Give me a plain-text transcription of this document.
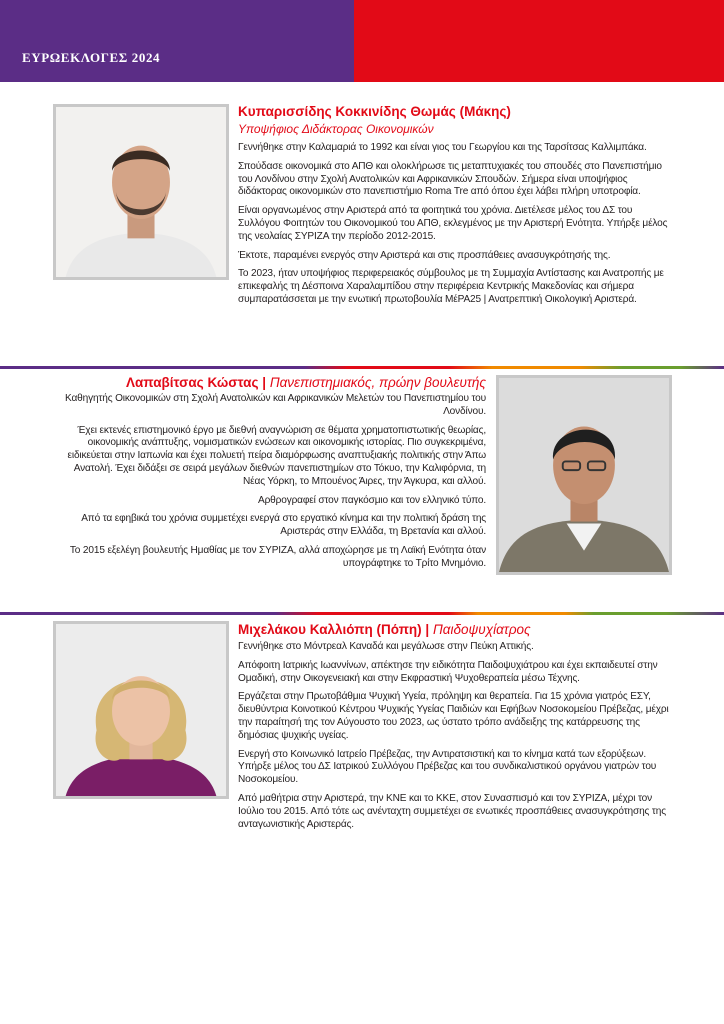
ΕΥΡΩΕΚΛΟΓΕΣ 2024
Κυπαρισσίδης Κοκκινίδης Θωμάς (Μάκης)
Υποψήφιος Διδάκτορας Οικονομικών

Γεννήθηκε στην Καλαμαριά το 1992 και είναι γιος του Γεωργίου και της Ταρσίτσας Καλλιμπάκα.

Σπούδασε οικονομικά στο ΑΠΘ και ολοκλήρωσε τις μεταπτυχιακές του σπουδές στο Πανεπιστήμιο του Λονδίνου στην Σχολή Ανατολικών και Αφρικανικών Σπουδών. Σήμερα είναι υποψήφιος διδάκτορας οικονομικών στο πανεπιστήμιο Roma Tre από όπου έχει λάβει πλήρη υποτροφία.

Είναι οργανωμένος στην Αριστερά από τα φοιτητικά του χρόνια. Διετέλεσε μέλος του ΔΣ του Συλλόγου Φοιτητών του Οικονομικού του ΑΠΘ, εκλεγμένος με την Αριστερή Ενότητα. Υπήρξε μέλος της νεολαίας ΣΥΡΙΖΑ την περίοδο 2012-2015.

Έκτοτε, παραμένει ενεργός στην Αριστερά και στις προσπάθειες ανασυγκρότησής της.

Το 2023, ήταν υποψήφιος περιφερειακός σύμβουλος με τη Συμμαχία Αντίστασης και Ανατροπής με επικεφαλής τη Δέσποινα Χαραλαμπίδου στην περιφέρεια Κεντρικής Μακεδονίας και σήμερα συμπαρατάσσεται με την ενωτική πρωτοβουλία ΜέΡΑ25 | Ανατρεπτική Οικολογική Αριστερά.

Λαπαβίτσας Κώστας | Πανεπιστημιακός, πρώην βουλευτής

Καθηγητής Οικονομικών στη Σχολή Ανατολικών και Αφρικανικών Μελετών του Πανεπιστημίου του Λονδίνου.

Έχει εκτενές επιστημονικό έργο με διεθνή αναγνώριση σε θέματα χρηματοπιστωτικής θεωρίας, οικονομικής ανάπτυξης, νομισματικών ενώσεων και οικονομικής ιστορίας. Πιο συγκεκριμένα, ειδικεύεται στην Ιαπωνία και έχει πολυετή πείρα διαμόρφωσης αναπτυξιακής πολιτικής στην Άπω Ανατολή. Έχει διδάξει σε σειρά μεγάλων διεθνών πανεπιστημίων στο Τόκυο, την Καλιφόρνια, τη Νέας Υόρκη, το Μπουένος Άιρες, την Άγκυρα, και αλλού.

Αρθρογραφεί στον παγκόσμιο και τον ελληνικό τύπο.

Από τα εφηβικά του χρόνια συμμετέχει ενεργά στο εργατικό κίνημα και την πολιτική δράση της Αριστεράς στην Ελλάδα, τη Βρετανία και αλλού.

Το 2015 εξελέγη βουλευτής Ημαθίας με τον ΣΥΡΙΖΑ, αλλά αποχώρησε με τη Λαϊκή Ενότητα όταν υπογράφτηκε το Τρίτο Μνημόνιο.

Μιχελάκου Καλλιόπη (Πόπη) | Παιδοψυχίατρος

Γεννήθηκε στο Μόντρεαλ Καναδά και μεγάλωσε στην Πεύκη Αττικής.

Απόφοιτη Ιατρικής Ιωαννίνων, απέκτησε την ειδικότητα Παιδοψυχιάτρου και έχει εκπαιδευτεί στην Ομαδική, στην Οικογενειακή και στην Εκφραστική Ψυχοθεραπεία μέσω Τέχνης.

Εργάζεται στην Πρωτοβάθμια Ψυχική Υγεία, πρόληψη και θεραπεία. Για 15 χρόνια γιατρός ΕΣΥ, διευθύντρια Κοινοτικού Κέντρου Ψυχικής Υγείας Παιδιών και Εφήβων Νοσοκομείου Πρέβεζας, μέχρι την παραίτησή της τον Αύγουστο του 2023, ως ύστατο τρόπο ανάδειξης της κατάρρευσης της δημόσιας ψυχικής υγείας.

Ενεργή στο Κοινωνικό Ιατρείο Πρέβεζας, την Αντιρατσιστική και το κίνημα κατά των εξορύξεων. Υπήρξε μέλος του ΔΣ Ιατρικού Συλλόγου Πρέβεζας και του συνδικαλιστικού οργάνου γιατρών του Νοσοκομείου.

Από μαθήτρια στην Αριστερά, την ΚΝΕ και το ΚΚΕ, στον Συνασπισμό και τον ΣΥΡΙΖΑ, μέχρι τον Ιούλιο του 2015. Από τότε ως ανένταχτη συμμετέχει σε ενωτικές προσπάθειες ανασυγκρότησης της ανταγωνιστικής Αριστεράς.
